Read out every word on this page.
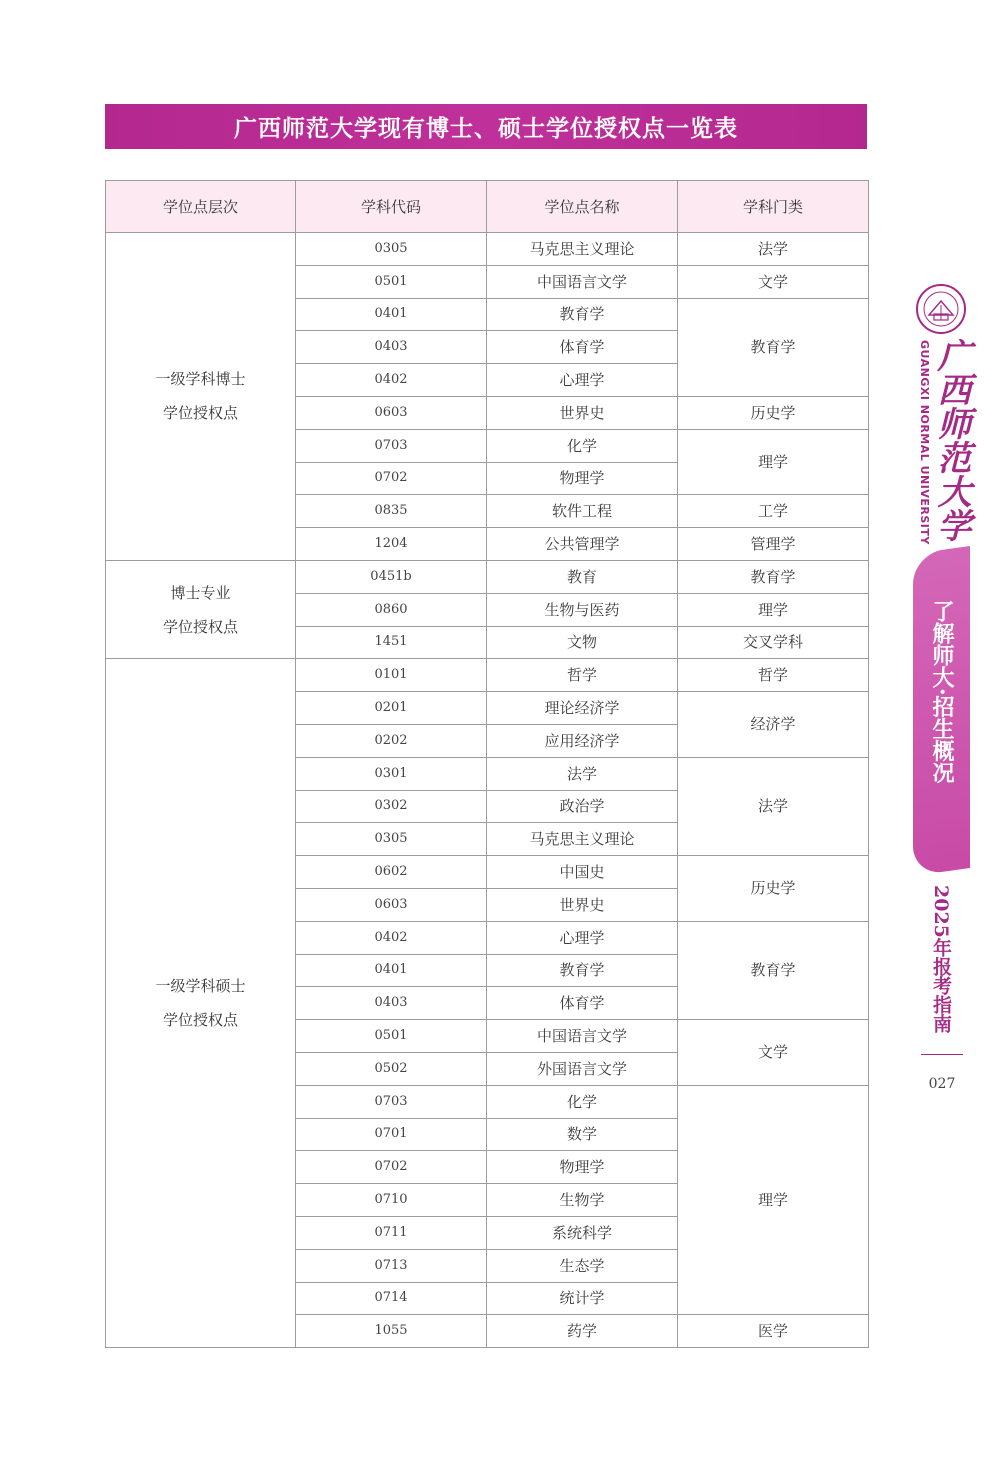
广西师范大学现有博士、硕士学位授权点一览表
学位点层次	学科代码	学位点名称	学科门类

一级学科博士
学位授权点	0305	马克思主义理论	法学
	0501	中国语言文学	文学
	0401	教育学	教育学
	0403	体育学	
	0402	心理学	
	0603	世界史	历史学
	0703	化学	理学
	0702	物理学	
	0835	软件工程	工学
	1204	公共管理学	管理学

博士专业
学位授权点	0451b	教育	教育学
	0860	生物与医药	理学
	1451	文物	交叉学科

一级学科硕士
学位授权点	0101	哲学	哲学
	0201	理论经济学	经济学
	0202	应用经济学	
	0301	法学	法学
	0302	政治学	
	0305	马克思主义理论	
	0602	中国史	历史学
	0603	世界史	
	0402	心理学	教育学
	0401	教育学	
	0403	体育学	
	0501	中国语言文学	文学
	0502	外国语言文学	
	0703	化学	理学
	0701	数学	
	0702	物理学	
	0710	生物学	
	0711	系统科学	
	0713	生态学	
	0714	统计学	
	1055	药学	医学
GUANGXI NORMAL UNIVERSITY 广西师范大学
了解师大·招生概况
2025年报考指南
027
